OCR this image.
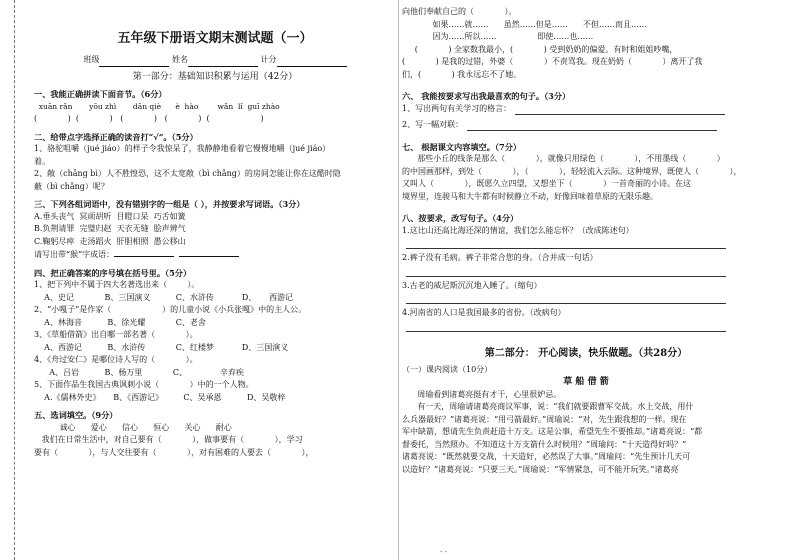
五年级下册语文期末测试题（一）
班级	姓名	计分
第一部分：基础知识积累与运用（42分）
一、我能正确拼读下面音节。（6分）
xuān rǎn       yōu zhì       dān qiè      è  hào        wǎn  lǐ  guī zhào
(            )  (            )   (            )   (            )  (                    )
二、给带点字选择正确的读音打“√”。（5分）
1、骆驼咀嚼（jué jiáo）的样子令我惊呆了，我静静地看着它慢慢地嚼（jué jiáo）
着。
2、敞（chǎng bì）人不胜惶恐，这不太宽敞（bì chǎng）的房间怎能让你在这酷时隐
蔽（bì chǎng）呢？
三、下列各组词语中，没有错别字的一组是（ ），并按要求写词语。（3分）
A.垂头丧气  冥顽胡听  目瞪口呆  巧舌如簧
B.负荆请罪  完璧归赵  天衣无缝  脍声辨气
C.鞠躬尽瘁  走汤蹈火  肝胆相照  愚公移山
请写出带“猴”字成语：
四、把正确答案的序号填在括号里。（5分）
1、把下列中不属于四大名著选出来（        ）。
A、史记            B、三国演义          C、水浒传           D、     西游记
2、“小嘎子”是作家（                    ）的儿童小说《小兵张嘎》中的主人公。
A、林海音          B、徐光耀            C、老舍
3、《草船借箭》出自哪一部名著（            ）。
A、西游记          B、水浒传            C、红楼梦           D、三国演义
4、《舟过安仁》是哪位诗人写的（            ）。
A、吕岩          B、杨万里            C、             辛弃疾
5、下面作品生我国古典讽刺小说（            ）中的一个人物。
A.《儒林外史》     B、《西游记》        C、吴承恩          D、吴敬梓
五、选词填空。（9分）
诚心      爱心      信心      恒心      关心      耐心
我们在日常生活中，对自己要有（            ），做事要有（            ），学习
要有（            ），与人交往要有（            ），对有困难的人要去（            ），
向他们奉献自己的（            ）。
如果……就……      虽然……但是……      不但……而且……
因为……所以……                即使……也……
(            ) 全家数我最小，(            ) 受到奶奶的偏爱。有时和姐姐吵嘴，
(            ) 是我的过错，外婆（            ）不责骂我。现在奶奶（            ）离开了我
们，(            ) 我永远忘不了她。
六、 我能按要求写出我最喜欢的句子。（3分）
1、写出两句有关学习的格言：
2、写一幅对联：
七、 根据课文内容填空。（7分）
那些小丘的线条是那么（            ），就像只用绿色（            ），不用墨线（            ）
的中国画那样，到处（            ），（            ），轻轻流入云际。这种境界，既使人（            ），
又叫人（            ），既愿久立四望，又想坐下（            ）一首奇丽的小诗。在这
境界里，连骏马和大牛都有时候静立不动，好像回味着草原的无限乐趣。
八、按要求，改写句子。（4分）
1.这比山还高比海还深的情谊，我们怎么能忘怀？（改成陈述句）
2.裤子没有毛病。裤子非常合您的身。（合并成一句话）
3.古老的威尼斯沉沉地入睡了。（缩句）
4.河南省的人口是我国最多的省份。（改病句）
第二部分： 开心阅读，快乐做题。（共28分）
（一）课内阅读（10分）
草 船 借 箭
周瑜看到诸葛亮挺有才干，心里很妒忌。
有一天，周瑜请诸葛亮商议军事，说：“我们就要跟曹军交战。水上交战，用什
么兵器最好？”诸葛亮说：“用弓箭最好。”周瑜说：“对，先生跟我想的一样。现在
军中缺箭，想请先生负责赶造十万支。这是公事，希望先生不要推却。”诸葛亮说：“都
督委托，当然照办。不知道这十万支箭什么时候用？”周瑜问：“十天造得好吗？”
诸葛亮说：“既然就要交战，十天造好，必然误了大事。”周瑜问：“先生预计几天可
以造好？”诸葛亮说：“只要三天。”周瑜说：“军情紧急，可不能开玩笑。”诸葛亮
- -
